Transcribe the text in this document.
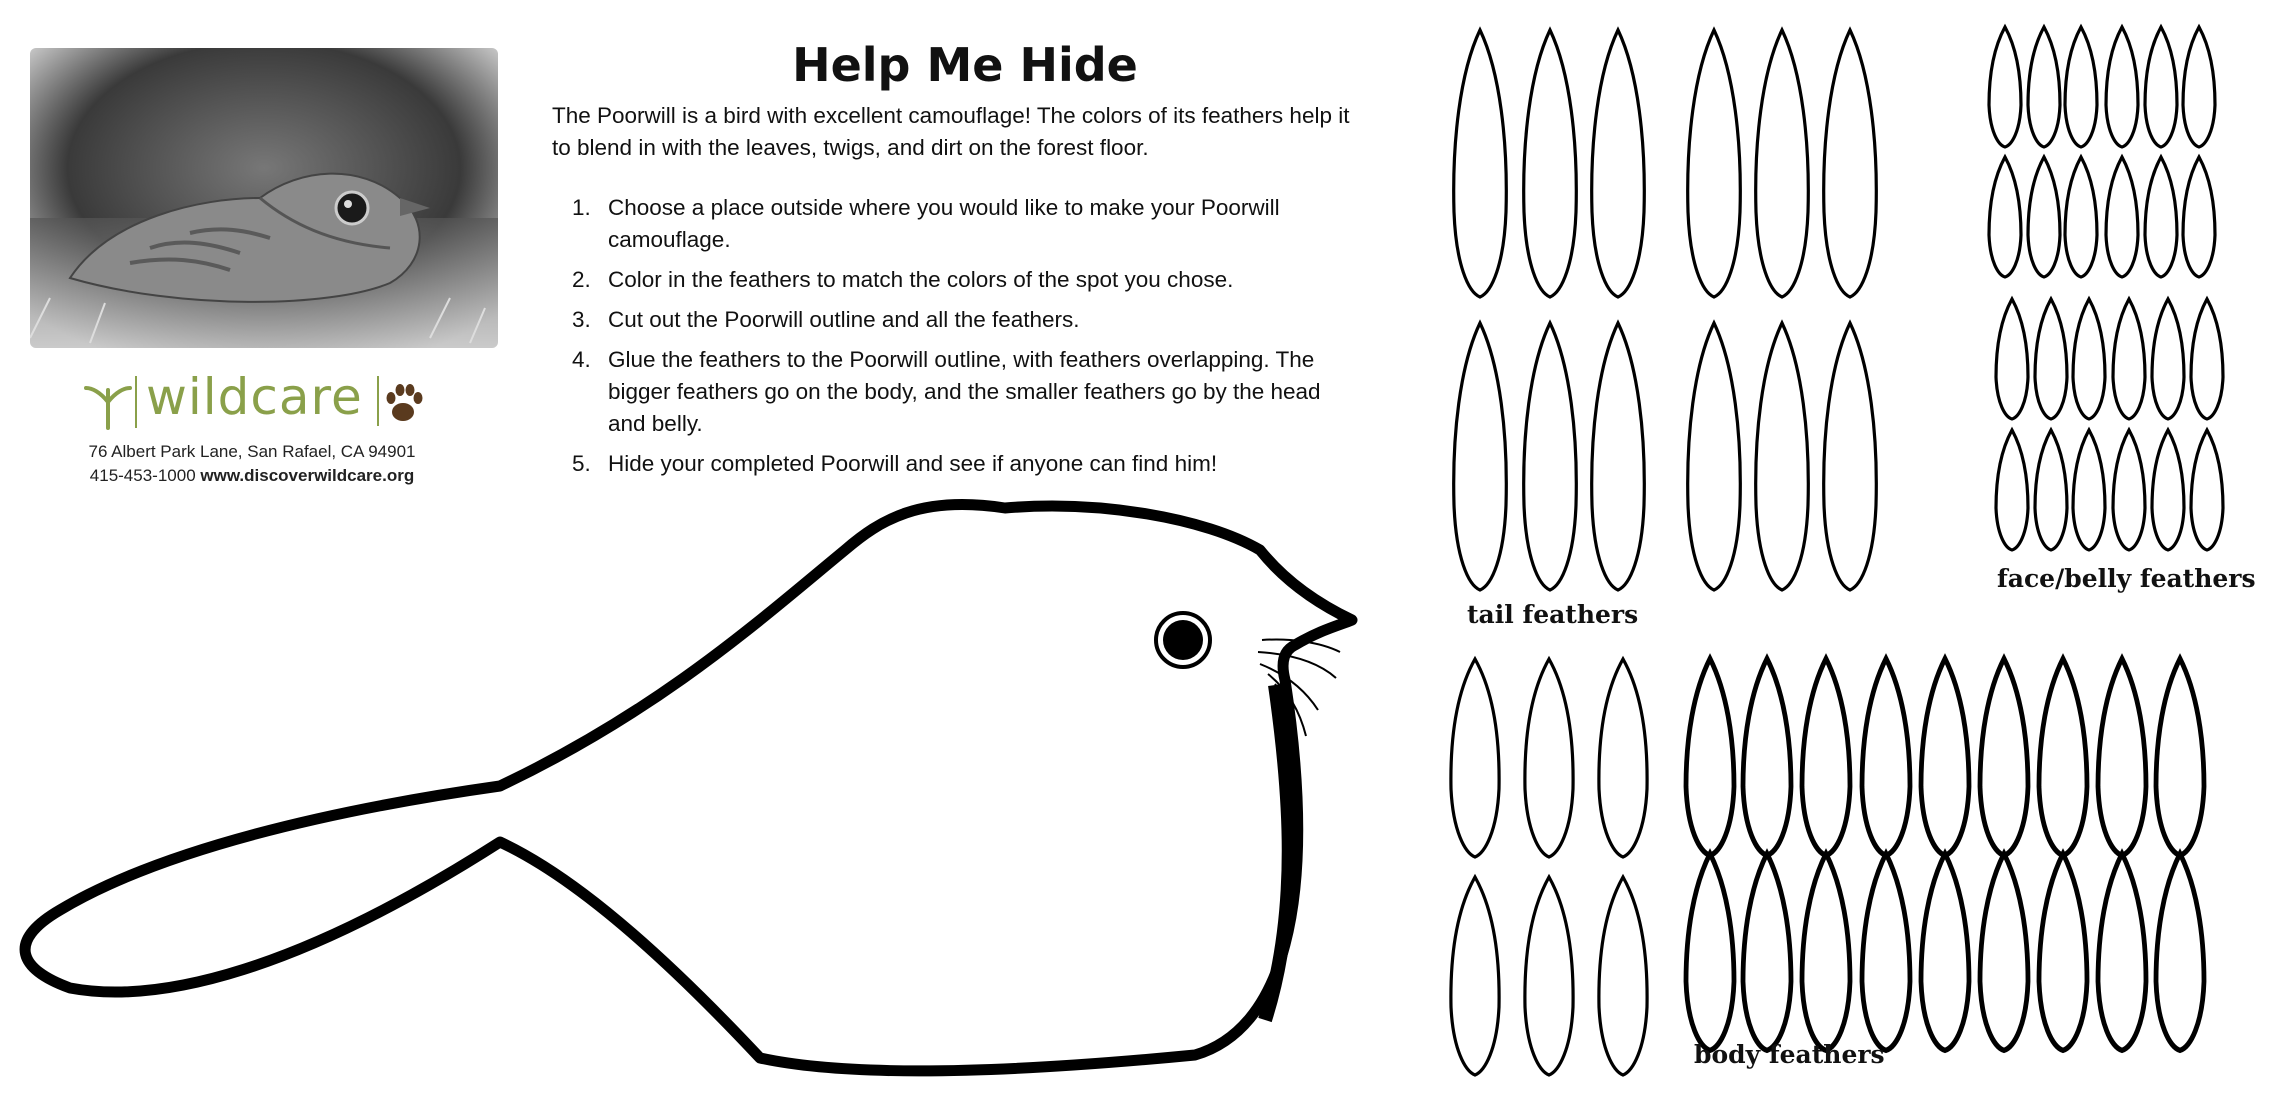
wildcare
76 Albert Park Lane, San Rafael, CA 94901
415-453-1000 www.discoverwildcare.org
Help Me Hide
The Poorwill is a bird with excellent camouflage! The colors of its feathers help it to blend in with the leaves, twigs, and dirt on the forest floor.
1. Choose a place outside where you would like to make your Poorwill camouflage.
2. Color in the feathers to match the colors of the spot you chose.
3. Cut out the Poorwill outline and all the feathers.
4. Glue the feathers to the Poorwill outline, with feathers overlapping. The bigger feathers go on the body, and the smaller feathers go by the head and belly.
5. Hide your completed Poorwill and see if anyone can find him!
tail feathers
face/belly feathers
body feathers
